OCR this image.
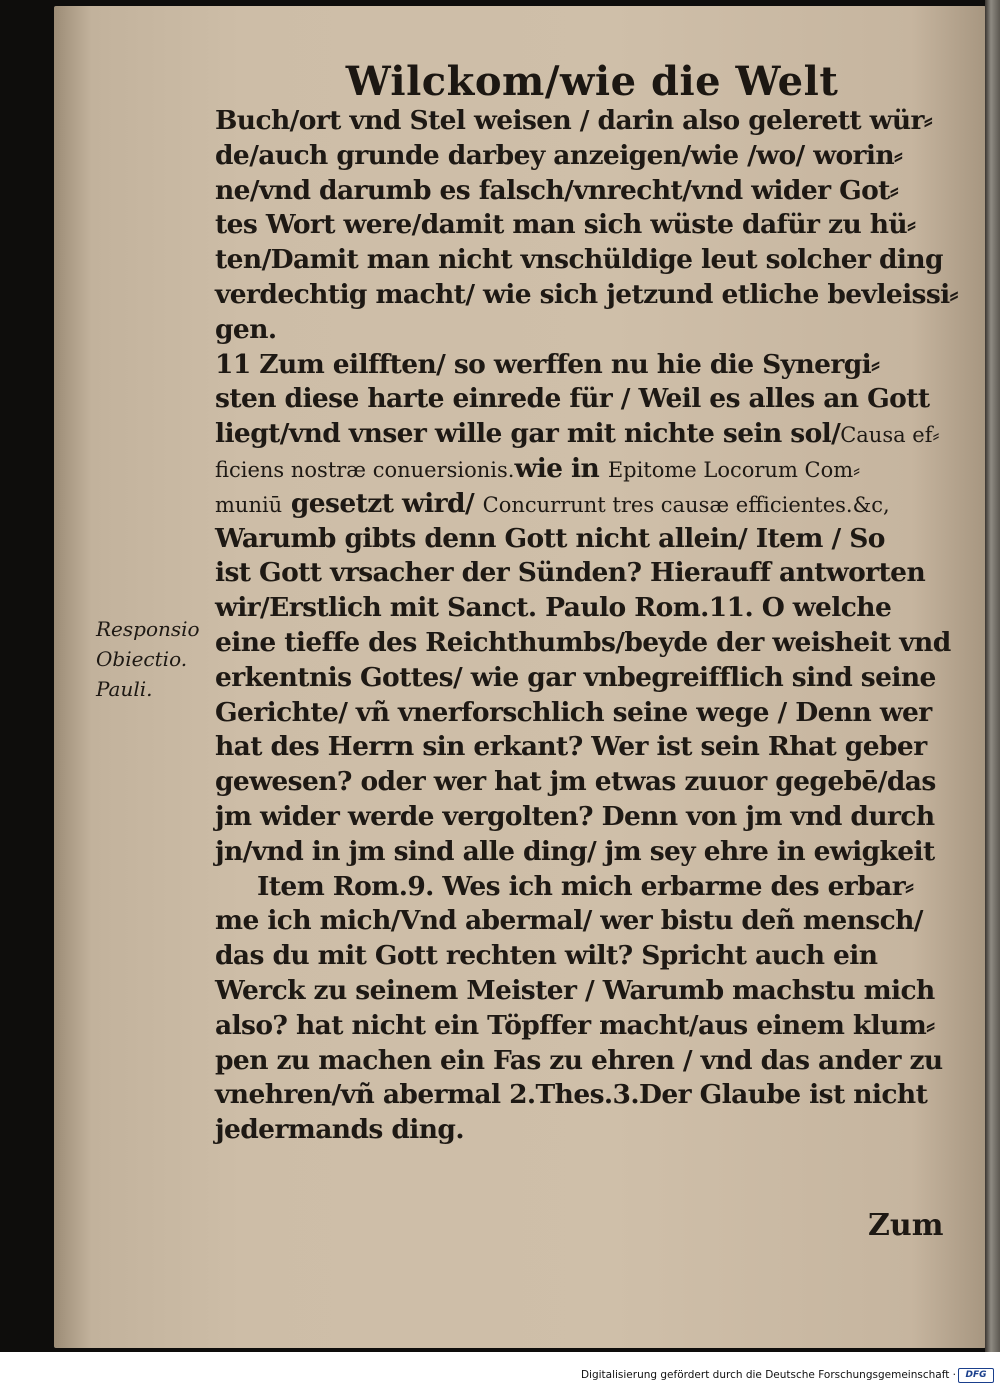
Wilckom/wie die Welt
Buch/ort vnd Stel weisen / darin also gelerett wür⸗
de/auch grunde darbey anzeigen/wie /wo/ worin⸗
ne/vnd darumb es falsch/vnrecht/vnd wider Got⸗
tes Wort were/damit man sich wüste dafür zu hü⸗
ten/Damit man nicht vnschüldige leut solcher ding
verdechtig macht/ wie sich jetzund etliche bevleissi⸗
gen.
11 Zum eilfften/ so werffen nu hie die Synergi⸗
sten diese harte einrede für / Weil es alles an Gott
liegt/vnd vnser wille gar mit nichte sein sol/Causa ef⸗
ficiens nostræ conuersionis.wie in Epitome Locorum Com⸗
muniū gesetzt wird/ Concurrunt tres causæ efficientes.&c,
Warumb gibts denn Gott nicht allein/ Item / So
ist Gott vrsacher der Sünden? Hierauff antworten
wir/Erstlich mit Sanct. Paulo Rom.11. O welche
eine tieffe des Reichthumbs/beyde der weisheit vnd
erkentnis Gottes/ wie gar vnbegreifflich sind seine
Gerichte/ vñ vnerforschlich seine wege / Denn wer
hat des Herrn sin erkant? Wer ist sein Rhat geber
gewesen? oder wer hat jm etwas zuuor gegebē/das
jm wider werde vergolten? Denn von jm vnd durch
jn/vnd in jm sind alle ding/ jm sey ehre in ewigkeit
Item Rom.9. Wes ich mich erbarme des erbar⸗
me ich mich/Vnd abermal/ wer bistu deñ mensch/
das du mit Gott rechten wilt? Spricht auch ein
Werck zu seinem Meister / Warumb machstu mich
also? hat nicht ein Töpffer macht/aus einem klum⸗
pen zu machen ein Fas zu ehren / vnd das ander zu
vnehren/vñ abermal 2.Thes.3.Der Glaube ist nicht
jedermands ding.
Responsio
Obiectio.
Pauli.
Zum
Digitalisierung gefördert durch die Deutsche Forschungsgemeinschaft ·	DFG
